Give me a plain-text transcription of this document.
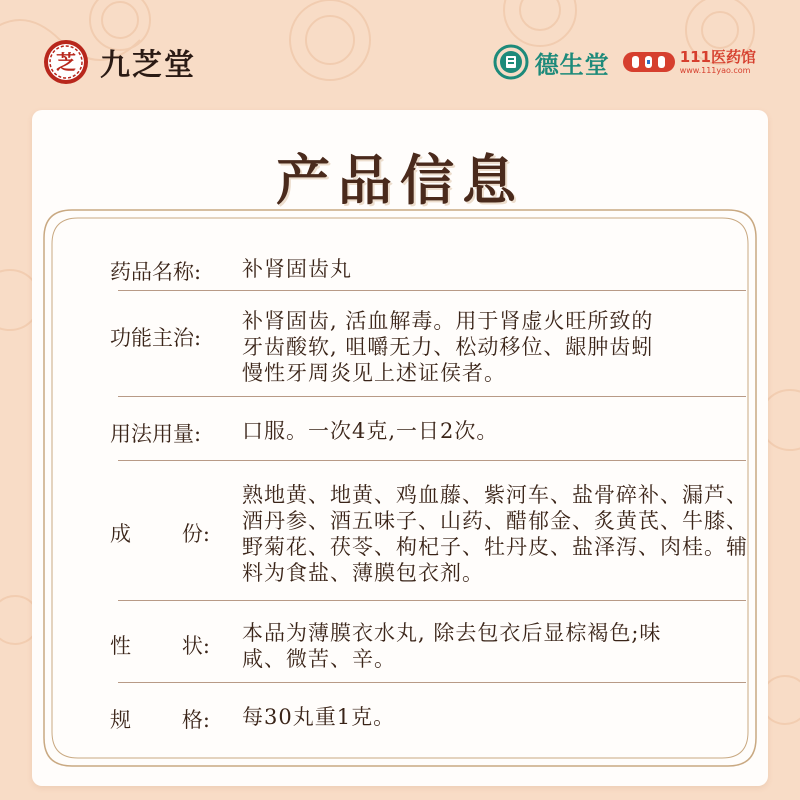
芝 九芝堂	德生堂	111医药馆
www.111yao.com
产品信息
药品名称:	补肾固齿丸
功能主治:
补肾固齿, 活血解毒。用于肾虚火旺所致的
牙齿酸软, 咀嚼无力、松动移位、龈肿齿蚓
慢性牙周炎见上述证侯者。
用法用量:	口服。一次4克,一日2次。
成 份:
熟地黄、地黄、鸡血藤、紫河车、盐骨碎补、漏芦、
酒丹参、酒五味子、山药、醋郁金、炙黄芪、牛膝、
野菊花、茯苓、枸杞子、牡丹皮、盐泽泻、肉桂。辅
料为食盐、薄膜包衣剂。
性 状:
本品为薄膜衣水丸, 除去包衣后显棕褐色;味
咸、微苦、辛。
规 格: 每30丸重1克。
